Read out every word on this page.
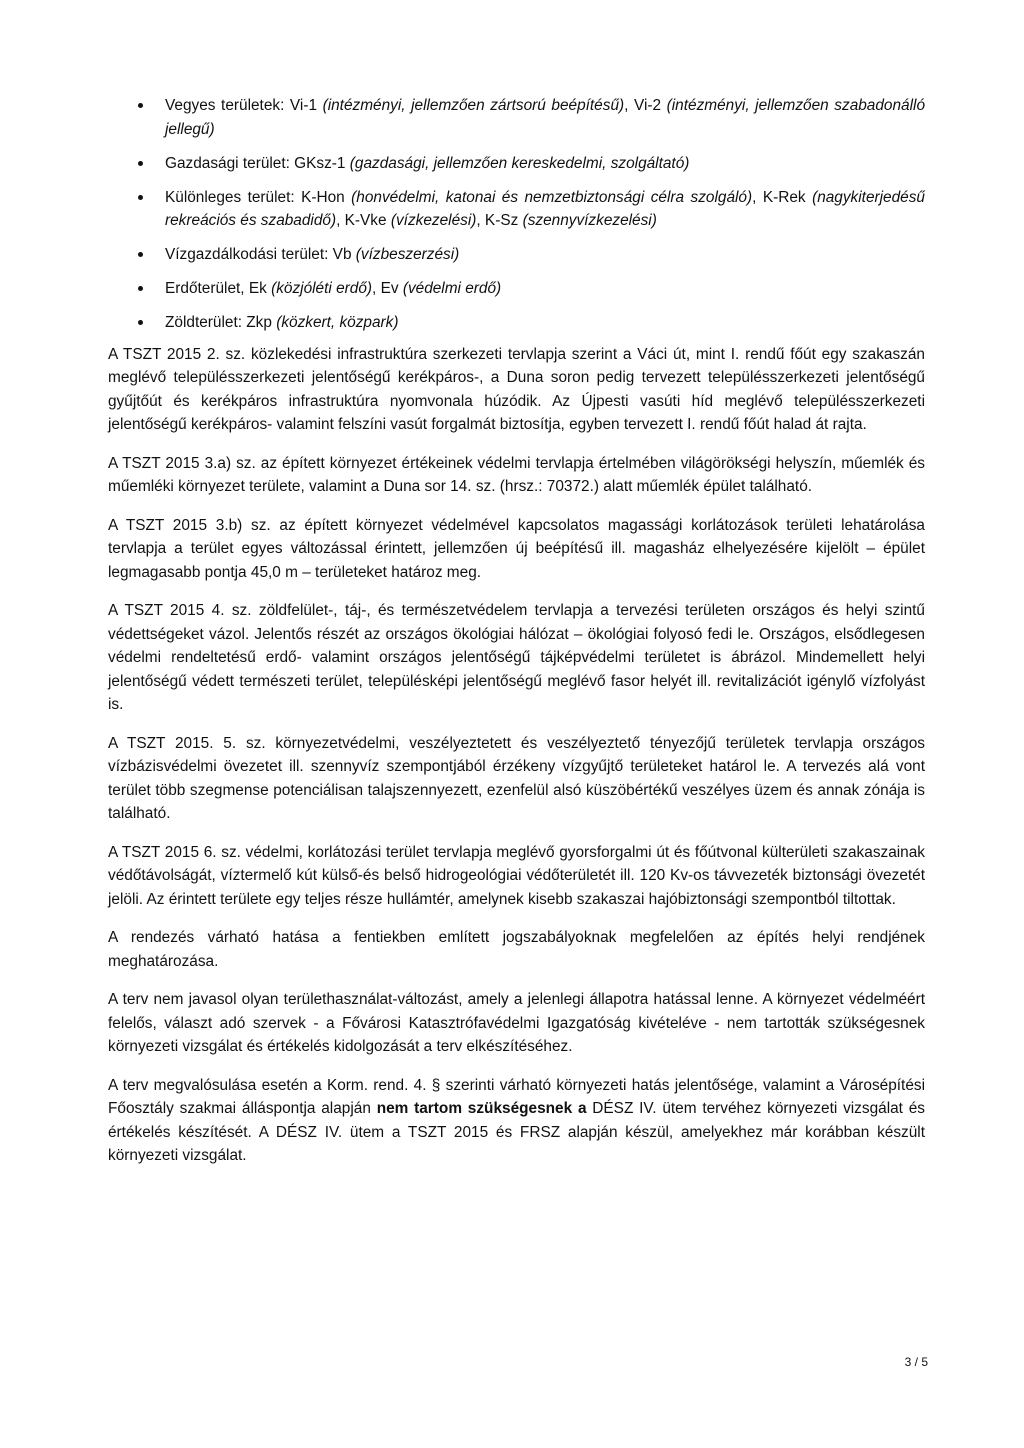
Vegyes területek: Vi-1 (intézményi, jellemzően zártsorú beépítésű), Vi-2 (intézményi, jellemzően szabadonálló jellegű)
Gazdasági terület: GKsz-1 (gazdasági, jellemzően kereskedelmi, szolgáltató)
Különleges terület: K-Hon (honvédelmi, katonai és nemzetbiztonsági célra szolgáló), K-Rek (nagykiterjedésű rekreációs és szabadidő), K-Vke (vízkezelési), K-Sz (szennyvízkezelési)
Vízgazdálkodási terület: Vb (vízbeszerzési)
Erdőterület, Ek (közjóléti erdő), Ev (védelmi erdő)
Zöldterület: Zkp (közkert, közpark)

A TSZT 2015 2. sz. közlekedési infrastruktúra szerkezeti tervlapja szerint a Váci út, mint I. rendű főút egy szakaszán meglévő településszerkezeti jelentőségű kerékpáros-, a Duna soron pedig tervezett településszerkezeti jelentőségű gyűjtőút és kerékpáros infrastruktúra nyomvonala húzódik. Az Újpesti vasúti híd meglévő településszerkezeti jelentőségű kerékpáros- valamint felszíni vasút forgalmát biztosítja, egyben tervezett I. rendű főút halad át rajta.

A TSZT 2015 3.a) sz. az épített környezet értékeinek védelmi tervlapja értelmében világörökségi helyszín, műemlék és műemléki környezet területe, valamint a Duna sor 14. sz. (hrsz.: 70372.) alatt műemlék épület található.

A TSZT 2015 3.b) sz. az épített környezet védelmével kapcsolatos magassági korlátozások területi lehatárolása tervlapja a terület egyes változással érintett, jellemzően új beépítésű ill. magasház elhelyezésére kijelölt – épület legmagasabb pontja 45,0 m – területeket határoz meg.

A TSZT 2015 4. sz. zöldfelület-, táj-, és természetvédelem tervlapja a tervezési területen országos és helyi szintű védettségeket vázol. Jelentős részét az országos ökológiai hálózat – ökológiai folyosó fedi le. Országos, elsődlegesen védelmi rendeltetésű erdő- valamint országos jelentőségű tájképvédelmi területet is ábrázol. Mindemellett helyi jelentőségű védett természeti terület, településképi jelentőségű meglévő fasor helyét ill. revitalizációt igénylő vízfolyást is.

A TSZT 2015. 5. sz. környezetvédelmi, veszélyeztetett és veszélyeztető tényezőjű területek tervlapja országos vízbázisvédelmi övezetet ill. szennyvíz szempontjából érzékeny vízgyűjtő területeket határol le. A tervezés alá vont terület több szegmense potenciálisan talajszennyezett, ezenfelül alsó küszöbértékű veszélyes üzem és annak zónája is található.

A TSZT 2015 6. sz. védelmi, korlátozási terület tervlapja meglévő gyorsforgalmi út és főútvonal külterületi szakaszainak védőtávolságát, víztermelő kút külső-és belső hidrogeológiai védőterületét ill. 120 Kv-os távvezeték biztonsági övezetét jelöli. Az érintett területe egy teljes része hullámtér, amelynek kisebb szakaszai hajóbiztonsági szempontból tiltottak.

A rendezés várható hatása a fentiekben említett jogszabályoknak megfelelően az építés helyi rendjének meghatározása.

A terv nem javasol olyan területhasználat-változást, amely a jelenlegi állapotra hatással lenne. A környezet védelméért felelős, választ adó szervek - a Fővárosi Katasztrófavédelmi Igazgatóság kivételéve - nem tartották szükségesnek környezeti vizsgálat és értékelés kidolgozását a terv elkészítéséhez.

A terv megvalósulása esetén a Korm. rend. 4. § szerinti várható környezeti hatás jelentősége, valamint a Városépítési Főosztály szakmai álláspontja alapján nem tartom szükségesnek a DÉSZ IV. ütem tervéhez környezeti vizsgálat és értékelés készítését. A DÉSZ IV. ütem a TSZT 2015 és FRSZ alapján készül, amelyekhez már korábban készült környezeti vizsgálat.

3 / 5
